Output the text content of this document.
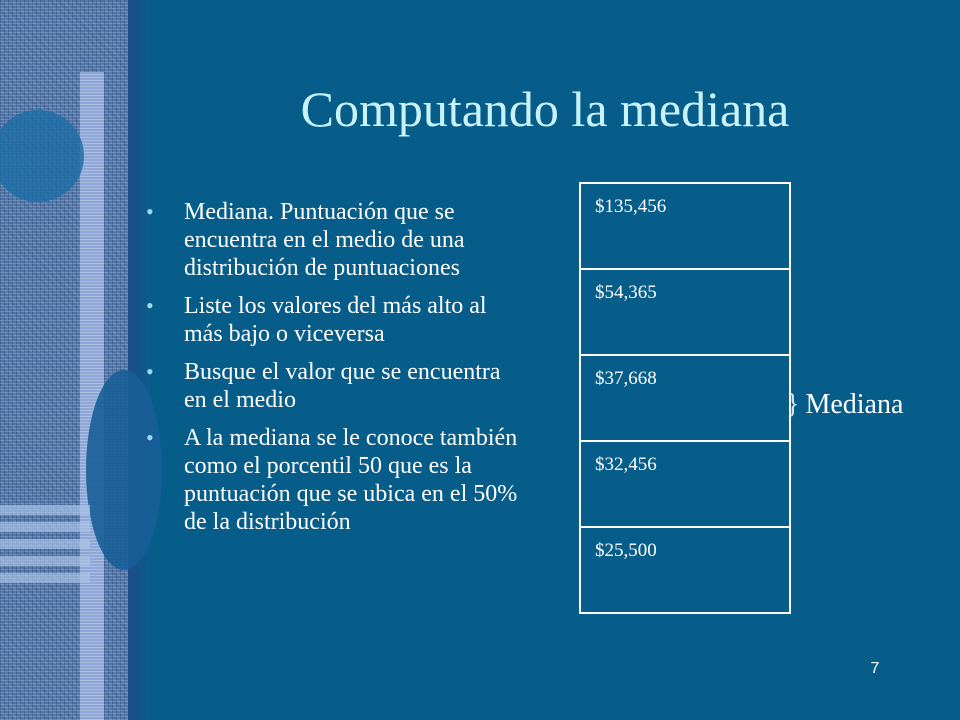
Computando la mediana
• Mediana. Puntuación que se encuentra en el medio de una distribución de puntuaciones
• Liste los valores del más alto al más bajo o viceversa
• Busque el valor que se encuentra en el medio
• A la mediana se le conoce también como el porcentil 50 que es la puntuación que se ubica en el 50% de la distribución
$135,456
$54,365
$37,668
$32,456
$25,500
} Mediana
7
